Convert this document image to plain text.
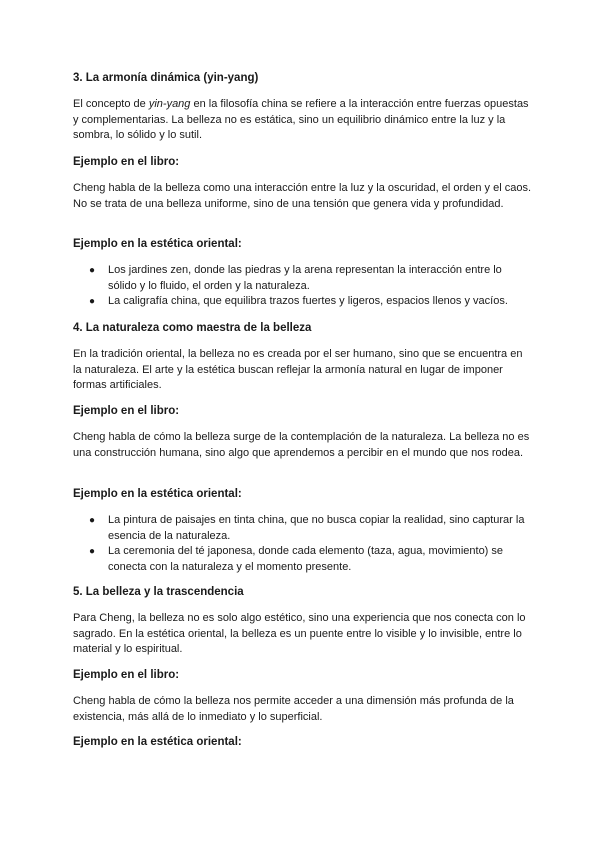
3. La armonía dinámica (yin-yang)

El concepto de yin-yang en la filosofía china se refiere a la interacción entre fuerzas opuestas y complementarias. La belleza no es estática, sino un equilibrio dinámico entre la luz y la sombra, lo sólido y lo sutil.

Ejemplo en el libro:

Cheng habla de la belleza como una interacción entre la luz y la oscuridad, el orden y el caos. No se trata de una belleza uniforme, sino de una tensión que genera vida y profundidad.

Ejemplo en la estética oriental:

● Los jardines zen, donde las piedras y la arena representan la interacción entre lo sólido y lo fluido, el orden y la naturaleza.
● La caligrafía china, que equilibra trazos fuertes y ligeros, espacios llenos y vacíos.

4. La naturaleza como maestra de la belleza

En la tradición oriental, la belleza no es creada por el ser humano, sino que se encuentra en la naturaleza. El arte y la estética buscan reflejar la armonía natural en lugar de imponer formas artificiales.

Ejemplo en el libro:

Cheng habla de cómo la belleza surge de la contemplación de la naturaleza. La belleza no es una construcción humana, sino algo que aprendemos a percibir en el mundo que nos rodea.

Ejemplo en la estética oriental:

● La pintura de paisajes en tinta china, que no busca copiar la realidad, sino capturar la esencia de la naturaleza.
● La ceremonia del té japonesa, donde cada elemento (taza, agua, movimiento) se conecta con la naturaleza y el momento presente.

5. La belleza y la trascendencia

Para Cheng, la belleza no es solo algo estético, sino una experiencia que nos conecta con lo sagrado. En la estética oriental, la belleza es un puente entre lo visible y lo invisible, entre lo material y lo espiritual.

Ejemplo en el libro:

Cheng habla de cómo la belleza nos permite acceder a una dimensión más profunda de la existencia, más allá de lo inmediato y lo superficial.

Ejemplo en la estética oriental:
